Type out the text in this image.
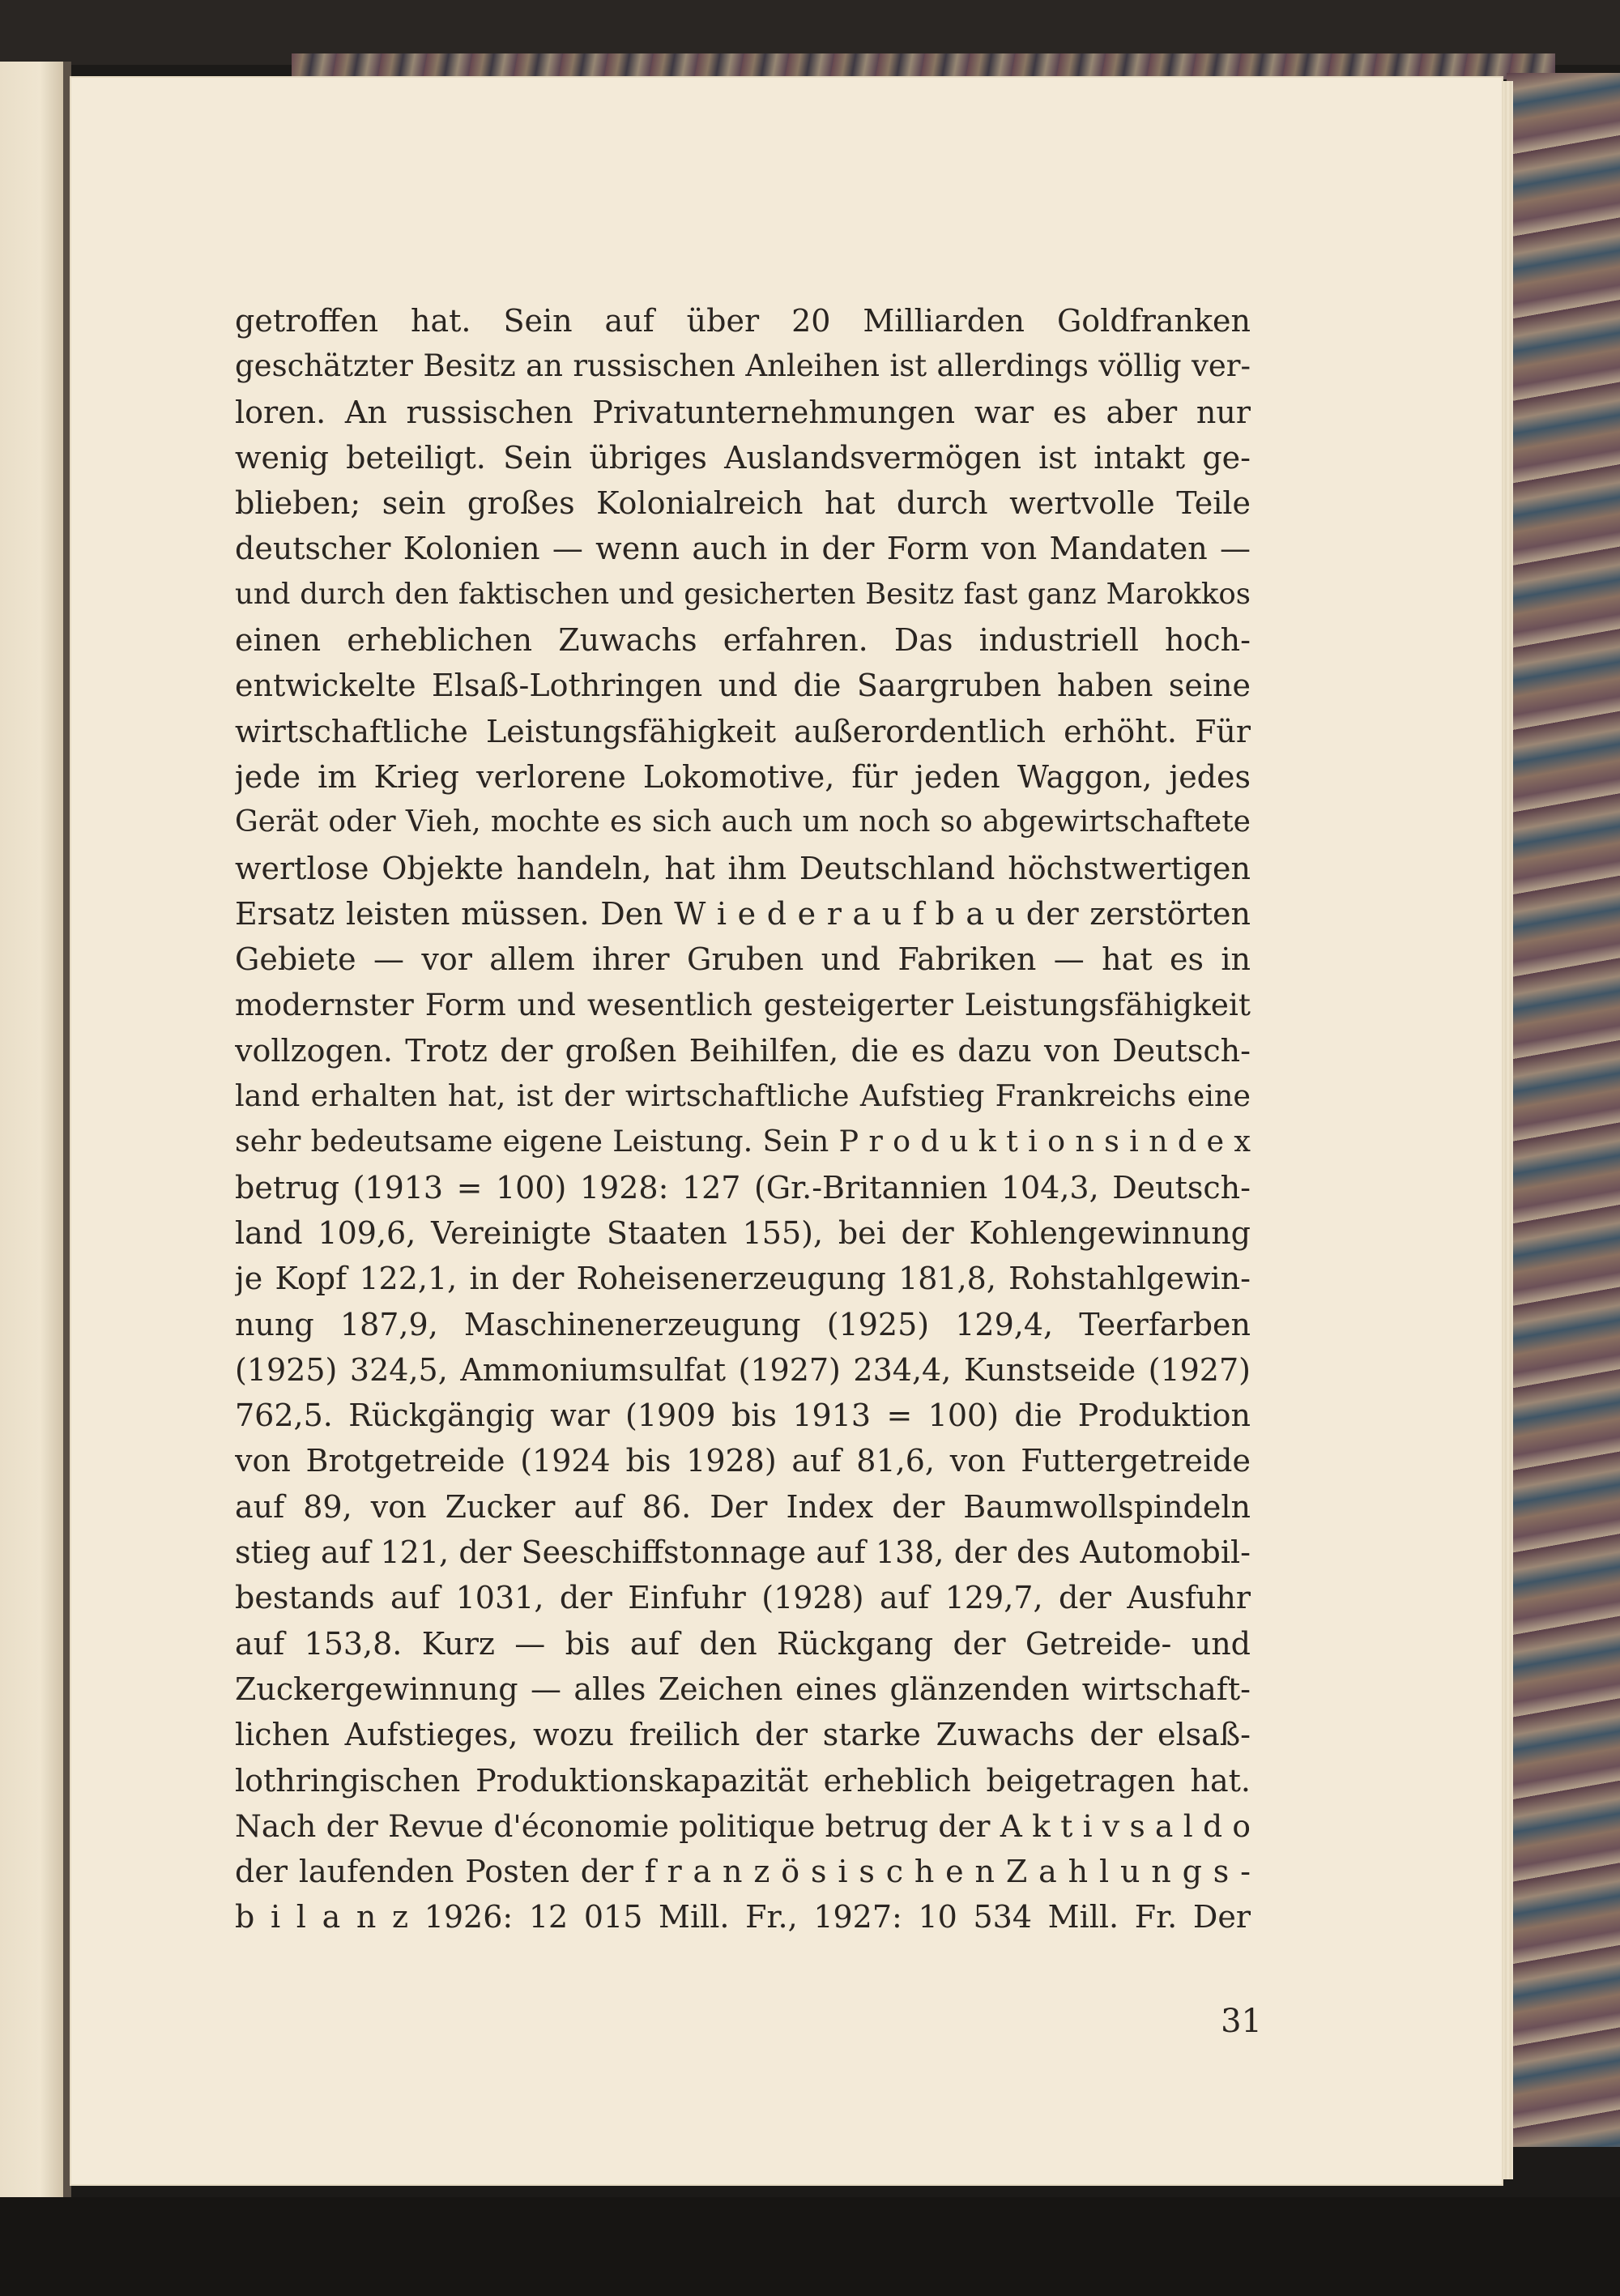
getroffen hat. Sein auf über 20 Milliarden Goldfranken
geschätzter Besitz an russischen Anleihen ist allerdings völlig ver-
loren. An russischen Privatunternehmungen war es aber nur
wenig beteiligt. Sein übriges Auslandsvermögen ist intakt ge-
blieben; sein großes Kolonialreich hat durch wertvolle Teile
deutscher Kolonien — wenn auch in der Form von Mandaten —
und durch den faktischen und gesicherten Besitz fast ganz Marokkos
einen erheblichen Zuwachs erfahren. Das industriell hoch-
entwickelte Elsaß-Lothringen und die Saargruben haben seine
wirtschaftliche Leistungsfähigkeit außerordentlich erhöht. Für
jede im Krieg verlorene Lokomotive, für jeden Waggon, jedes
Gerät oder Vieh, mochte es sich auch um noch so abgewirtschaftete
wertlose Objekte handeln, hat ihm Deutschland höchstwertigen
Ersatz leisten müssen. Den W i e d e r a u f b a u der zerstörten
Gebiete — vor allem ihrer Gruben und Fabriken — hat es in
modernster Form und wesentlich gesteigerter Leistungsfähigkeit
vollzogen. Trotz der großen Beihilfen, die es dazu von Deutsch-
land erhalten hat, ist der wirtschaftliche Aufstieg Frankreichs eine
sehr bedeutsame eigene Leistung. Sein P r o d u k t i o n s i n d e x
betrug (1913 = 100) 1928: 127 (Gr.-Britannien 104,3, Deutsch-
land 109,6, Vereinigte Staaten 155), bei der Kohlengewinnung
je Kopf 122,1, in der Roheisenerzeugung 181,8, Rohstahlgewin-
nung 187,9, Maschinenerzeugung (1925) 129,4, Teerfarben
(1925) 324,5, Ammoniumsulfat (1927) 234,4, Kunstseide (1927)
762,5. Rückgängig war (1909 bis 1913 = 100) die Produktion
von Brotgetreide (1924 bis 1928) auf 81,6, von Futtergetreide
auf 89, von Zucker auf 86. Der Index der Baumwollspindeln
stieg auf 121, der Seeschiffstonnage auf 138, der des Automobil-
bestands auf 1031, der Einfuhr (1928) auf 129,7, der Ausfuhr
auf 153,8. Kurz — bis auf den Rückgang der Getreide- und
Zuckergewinnung — alles Zeichen eines glänzenden wirtschaft-
lichen Aufstieges, wozu freilich der starke Zuwachs der elsaß-
lothringischen Produktionskapazität erheblich beigetragen hat.
Nach der Revue d'économie politique betrug der A k t i v s a l d o
der laufenden Posten der f r a n z ö s i s c h e n Z a h l u n g s -
b i l a n z 1926: 12 015 Mill. Fr., 1927: 10 534 Mill. Fr. Der
31
